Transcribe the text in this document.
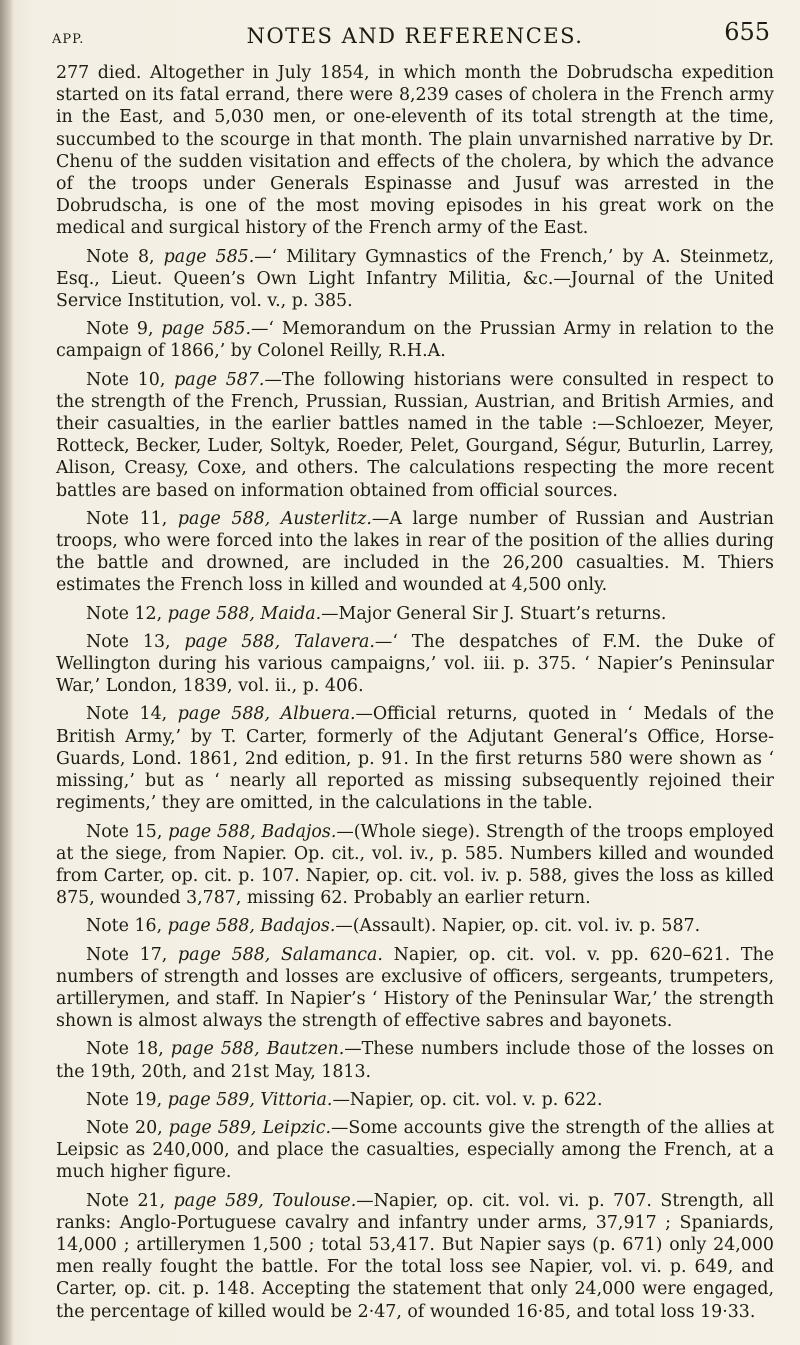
APP.	NOTES AND REFERENCES.	655

277 died. Altogether in July 1854, in which month the Dobrudscha expedition started on its fatal errand, there were 8,239 cases of cholera in the French army in the East, and 5,030 men, or one-eleventh of its total strength at the time, succumbed to the scourge in that month. The plain unvarnished narrative by Dr. Chenu of the sudden visitation and effects of the cholera, by which the advance of the troops under Generals Espinasse and Jusuf was arrested in the Dobrudscha, is one of the most moving episodes in his great work on the medical and surgical history of the French army of the East.

Note 8, page 585.—‘ Military Gymnastics of the French,’ by A. Steinmetz, Esq., Lieut. Queen’s Own Light Infantry Militia, &c.—Journal of the United Service Institution, vol. v., p. 385.

Note 9, page 585.—‘ Memorandum on the Prussian Army in relation to the campaign of 1866,’ by Colonel Reilly, R.H.A.

Note 10, page 587.—The following historians were consulted in respect to the strength of the French, Prussian, Russian, Austrian, and British Armies, and their casualties, in the earlier battles named in the table :—Schloezer, Meyer, Rotteck, Becker, Luder, Soltyk, Roeder, Pelet, Gourgand, Ségur, Buturlin, Larrey, Alison, Creasy, Coxe, and others. The calculations respecting the more recent battles are based on information obtained from official sources.

Note 11, page 588, Austerlitz.—A large number of Russian and Austrian troops, who were forced into the lakes in rear of the position of the allies during the battle and drowned, are included in the 26,200 casualties. M. Thiers estimates the French loss in killed and wounded at 4,500 only.

Note 12, page 588, Maida.—Major General Sir J. Stuart’s returns.

Note 13, page 588, Talavera.—‘ The despatches of F.M. the Duke of Wellington during his various campaigns,’ vol. iii. p. 375. ‘ Napier’s Peninsular War,’ London, 1839, vol. ii., p. 406.

Note 14, page 588, Albuera.—Official returns, quoted in ‘ Medals of the British Army,’ by T. Carter, formerly of the Adjutant General’s Office, Horse-Guards, Lond. 1861, 2nd edition, p. 91. In the first returns 580 were shown as ‘ missing,’ but as ‘ nearly all reported as missing subsequently rejoined their regiments,’ they are omitted, in the calculations in the table.

Note 15, page 588, Badajos.—(Whole siege). Strength of the troops employed at the siege, from Napier. Op. cit., vol. iv., p. 585. Numbers killed and wounded from Carter, op. cit. p. 107. Napier, op. cit. vol. iv. p. 588, gives the loss as killed 875, wounded 3,787, missing 62. Probably an earlier return.

Note 16, page 588, Badajos.—(Assault). Napier, op. cit. vol. iv. p. 587.

Note 17, page 588, Salamanca. Napier, op. cit. vol. v. pp. 620–621. The numbers of strength and losses are exclusive of officers, sergeants, trumpeters, artillerymen, and staff. In Napier’s ‘ History of the Peninsular War,’ the strength shown is almost always the strength of effective sabres and bayonets.

Note 18, page 588, Bautzen.—These numbers include those of the losses on the 19th, 20th, and 21st May, 1813.

Note 19, page 589, Vittoria.—Napier, op. cit. vol. v. p. 622.

Note 20, page 589, Leipzic.—Some accounts give the strength of the allies at Leipsic as 240,000, and place the casualties, especially among the French, at a much higher figure.

Note 21, page 589, Toulouse.—Napier, op. cit. vol. vi. p. 707. Strength, all ranks: Anglo-Portuguese cavalry and infantry under arms, 37,917 ; Spaniards, 14,000 ; artillerymen 1,500 ; total 53,417. But Napier says (p. 671) only 24,000 men really fought the battle. For the total loss see Napier, vol. vi. p. 649, and Carter, op. cit. p. 148. Accepting the statement that only 24,000 were engaged, the percentage of killed would be 2·47, of wounded 16·85, and total loss 19·33.
